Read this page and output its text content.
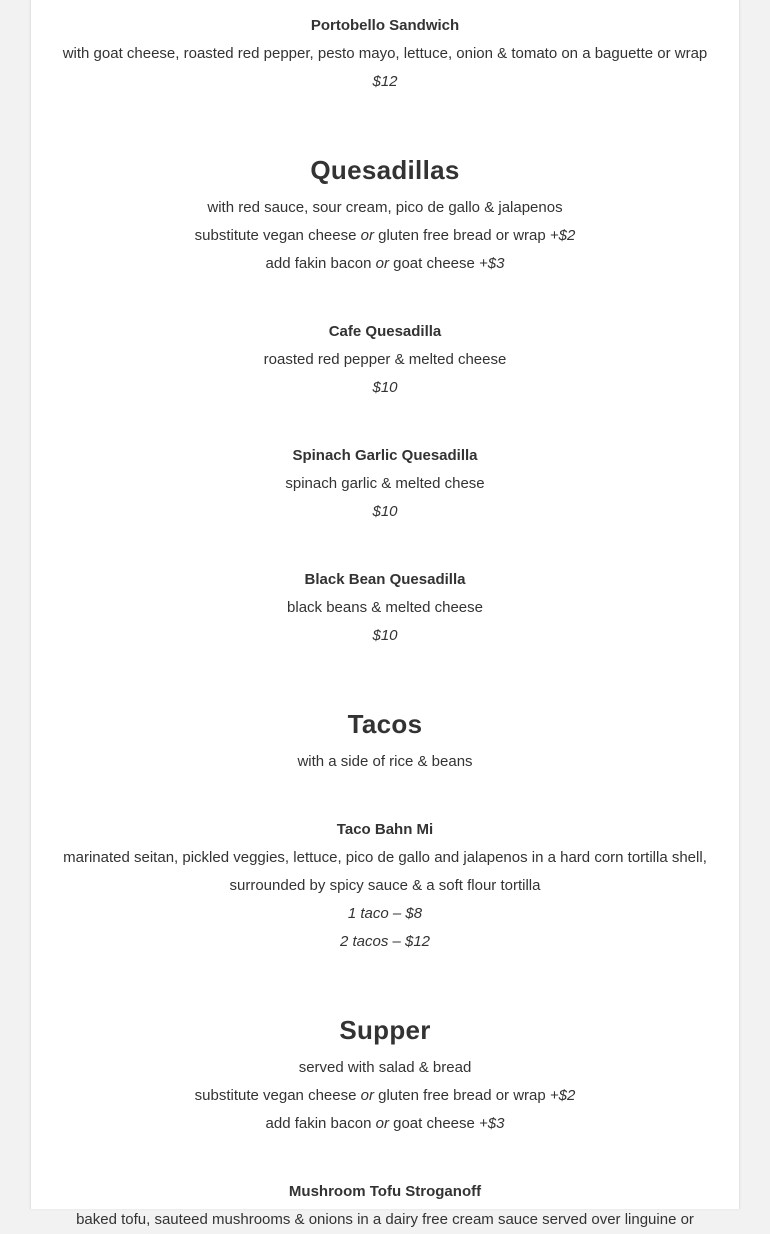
Portobello Sandwich

with goat cheese, roasted red pepper, pesto mayo, lettuce, onion & tomato on a baguette or wrap

$12

Quesadillas

with red sauce, sour cream, pico de gallo & jalapenos

substitute vegan cheese or gluten free bread or wrap +$2

add fakin bacon or goat cheese +$3

Cafe Quesadilla

roasted red pepper & melted cheese

$10

Spinach Garlic Quesadilla

spinach garlic & melted chese

$10

Black Bean Quesadilla

black beans & melted cheese

$10

Tacos

with a side of rice & beans

Taco Bahn Mi

marinated seitan, pickled veggies, lettuce, pico de gallo and jalapenos in a hard corn tortilla shell, surrounded by spicy sauce & a soft flour tortilla

1 taco – $8

2 tacos – $12

Supper

served with salad & bread

substitute vegan cheese or gluten free bread or wrap +$2

add fakin bacon or goat cheese +$3

Mushroom Tofu Stroganoff

baked tofu, sauteed mushrooms & onions in a dairy free cream sauce served over linguine or
